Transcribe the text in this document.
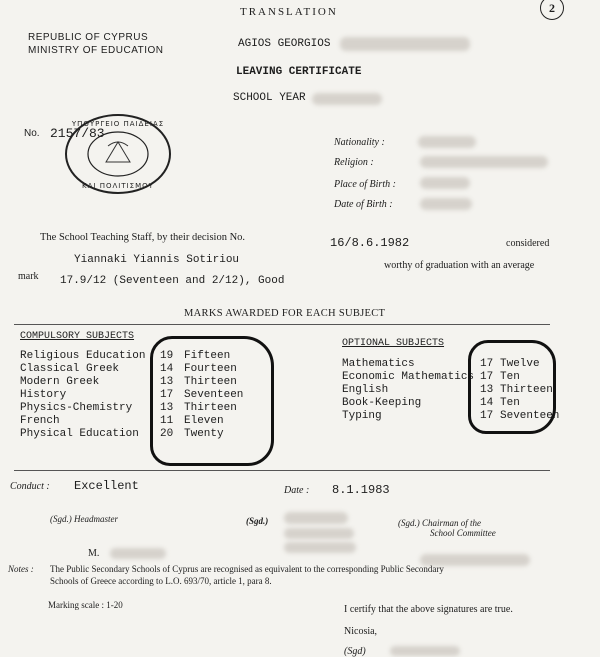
TRANSLATION	2
REPUBLIC OF CYPRUS
MINISTRY OF EDUCATION
AGIOS GEORGIOS
LEAVING CERTIFICATE
SCHOOL YEAR
No. 2157/83
ΥΠΟΥΡΓΕΙΟ ΠΑΙΔΕΙΑΣ
ΚΑΙ ΠΟΛΙΤΙΣΜΟΥ
Nationality :
Religion :
Place of Birth :
Date of Birth :
The School Teaching Staff, by their decision No.	16/8.6.1982	considered
Yiannaki Yiannis Sotiriou	worthy of graduation with an average
mark 17.9/12 (Seventeen and 2/12), Good
MARKS AWARDED FOR EACH SUBJECT
COMPULSORY SUBJECTS
Religious Education 19 Fifteen
Classical Greek	14 Fourteen
Modern Greek	13 Thirteen
History	17 Seventeen
Physics-Chemistry	13 Thirteen
French	11 Eleven
Physical Education 20 Twenty
OPTIONAL SUBJECTS
Mathematics	17 Twelve
Economic Mathematics 17 Ten
English	13 Thirteen
Book-Keeping	14 Ten
Typing	17 Seventeen
Conduct : Excellent	Date : 8.1.1983
(Sgd.) Headmaster	(Sgd.)	(Sgd.) Chairman of the
School Committee
M.
Notes : The Public Secondary Schools of Cyprus are recognised as equivalent to the corresponding Public Secondary
Schools of Greece according to L.O. 693/70, article 1, para 8.
Marking scale : 1-20	I certify that the above signatures are true.
Nicosia,
(Sgd)
